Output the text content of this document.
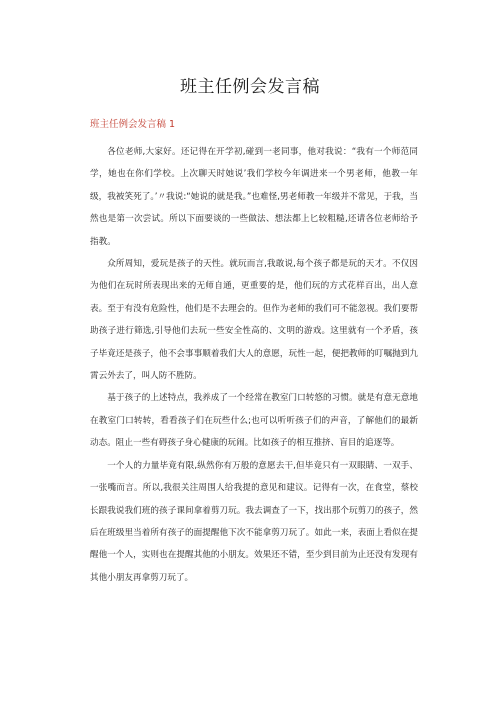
班主任例会发言稿
班主任例会发言稿 1

各位老师,大家好。还记得在开学初,碰到一老同事，他对我说：“我有一个师范同学，她也在你们学校。上次聊天时她说’我们学校今年调进来一个男老师，他教一年级，我被笑死了。’〃我说:“她说的就是我。”也难怪,男老师教一年级并不常见，于我，当然也是第一次尝试。所以下面要谈的一些做法、想法都上匕较粗糙,还请各位老师给予指教。

众所周知，爱玩是孩子的天性。就玩而言,我敢说,每个孩子都是玩的天才。不仅因为他们在玩时所表现出来的无师自通，更重要的是，他们玩的方式花样百出，出人意表。至于有没有危险性，他们是不去理会的。但作为老师的我们可不能忽视。我们要帮助孩子进行筛选,引导他们去玩一些安全性高的、文明的游戏。这里就有一个矛盾，孩子毕竟还是孩子，他不会事事顺着我们大人的意愿，玩性一起，便把教师的叮嘱抛到九霄云外去了，叫人防不胜防。

基于孩子的上述特点，我养成了一个经常在教室门口转悠的习惯。就是有意无意地在教室门口转转，看看孩子们在玩些什么;也可以听听孩子们的声音，了解他们的最新动态。阻止一些有碍孩子身心健康的玩闹。比如孩子的相互推挤、盲目的追逐等。

一个人的力量毕竟有限,纵然你有万般的意愿去干,但毕竟只有一双眼睛、一双手、一张嘴而言。所以,我很关注周围人给我提的意见和建议。记得有一次，在食堂，蔡校长跟我说我们班的孩子课间拿着剪刀玩。我去调查了一下，找出那个玩剪刀的孩子，然后在班级里当着所有孩子的面提醒他下次不能拿剪刀玩了。如此一来，表面上看似在提醒他一个人，实则也在提醒其他的小朋友。效果还不错，至少到目前为止还没有发现有其他小朋友再拿剪刀玩了。
